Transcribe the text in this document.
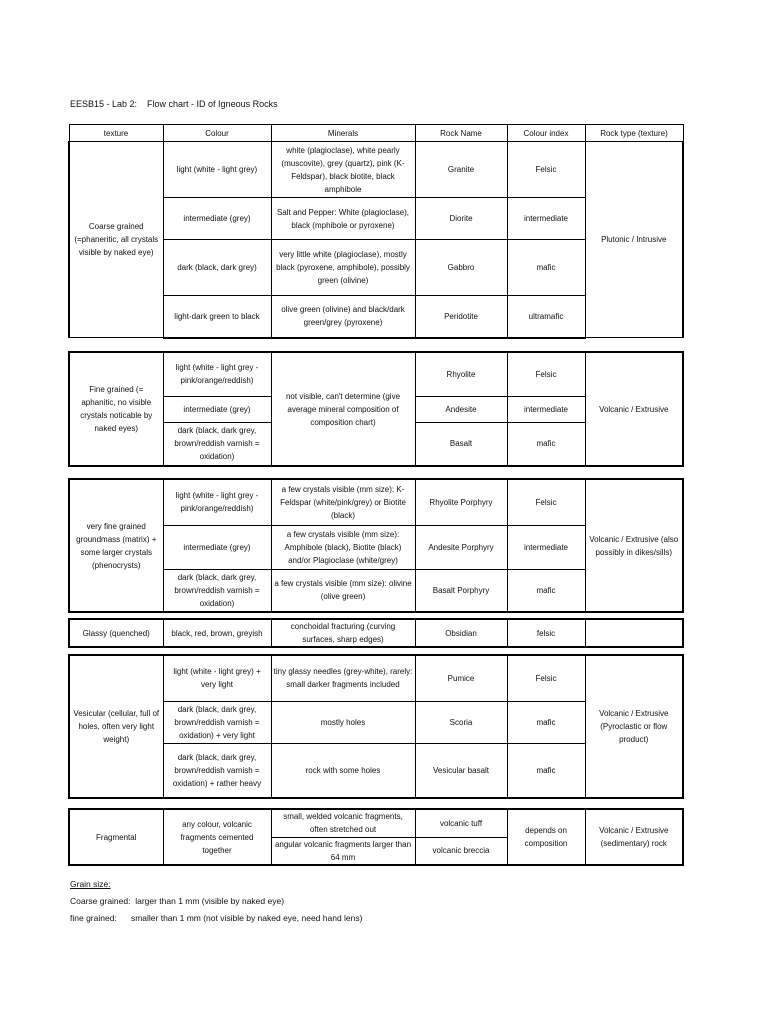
EESB15 - Lab 2:    Flow chart - ID of Igneous Rocks
texture	Colour	Minerals	Rock Name	Colour index	Rock type (texture)
Coarse grained (=phaneritic, all crystals visible by naked eye)	light (white - light grey)	white (plagioclase), white pearly (muscovite), grey (quartz), pink (K-Feldspar), black biotite, black amphibole	Granite	Felsic	Plutonic / Intrusive
	intermediate (grey)	Salt and Pepper: White (plagioclase), black (mphibole or pyroxene)	Diorite	intermediate	
	dark (black, dark grey)	very little white (plagioclase), mostly black (pyroxene, amphibole), possibly green (olivine)	Gabbro	mafic	
	light-dark green to black	olive green (olivine) and black/dark green/grey (pyroxene)	Peridotite	ultramafic	
Fine grained (= aphanitic, no visible crystals noticable by naked eyes)	light (white - light grey - pink/orange/reddish)	not visible, can't determine (give average mineral composition of composition chart)	Rhyolite	Felsic	Volcanic / Extrusive
	intermediate (grey)		Andesite	intermediate	
	dark (black, dark grey, brown/reddish varnish = oxidation)		Basalt	mafic	
very fine grained groundmass (matrix) + some larger crystals (phenocrysts)	light (white - light grey - pink/orange/reddish)	a few crystals visible (mm size): K-Feldspar (white/pink/grey) or Biotite (black)	Rhyolite Porphyry	Felsic	Volcanic / Extrusive (also possibly in dikes/sills)
	intermediate (grey)	a few crystals visible (mm size): Amphibole (black), Biotite (black) and/or Plagioclase (white/grey)	Andesite Porphyry	intermediate	
	dark (black, dark grey, brown/reddish varnish = oxidation)	a few crystals visible (mm size): olivine (olive green)	Basalt Porphyry	mafic	
Glassy (quenched)	black, red, brown, greyish	conchoidal fracturing (curving surfaces, sharp edges)	Obsidian	felsic	
Vesicular (cellular, full of holes, often very light weight)	light (white - light grey) + very light	tiny glassy needles (grey-white), rarely: small darker fragments included	Pumice	Felsic	Volcanic / Extrusive (Pyroclastic or flow product)
	dark (black, dark grey, brown/reddish varnish = oxidation) + very light	mostly holes	Scoria	mafic	
	dark (black, dark grey, brown/reddish varnish = oxidation) + rather heavy	rock with some holes	Vesicular basalt	mafic	
Fragmental	any colour, volcanic fragments cemented together	small, welded volcanic fragments, often stretched out	volcanic tuff	depends on composition	Volcanic / Extrusive (sedimentary) rock
		angular volcanic fragments larger than 64 mm	volcanic breccia		
Grain size:
Coarse grained:  larger than 1 mm (visible by naked eye)
fine grained:      smaller than 1 mm (not visible by naked eye, need hand lens)
